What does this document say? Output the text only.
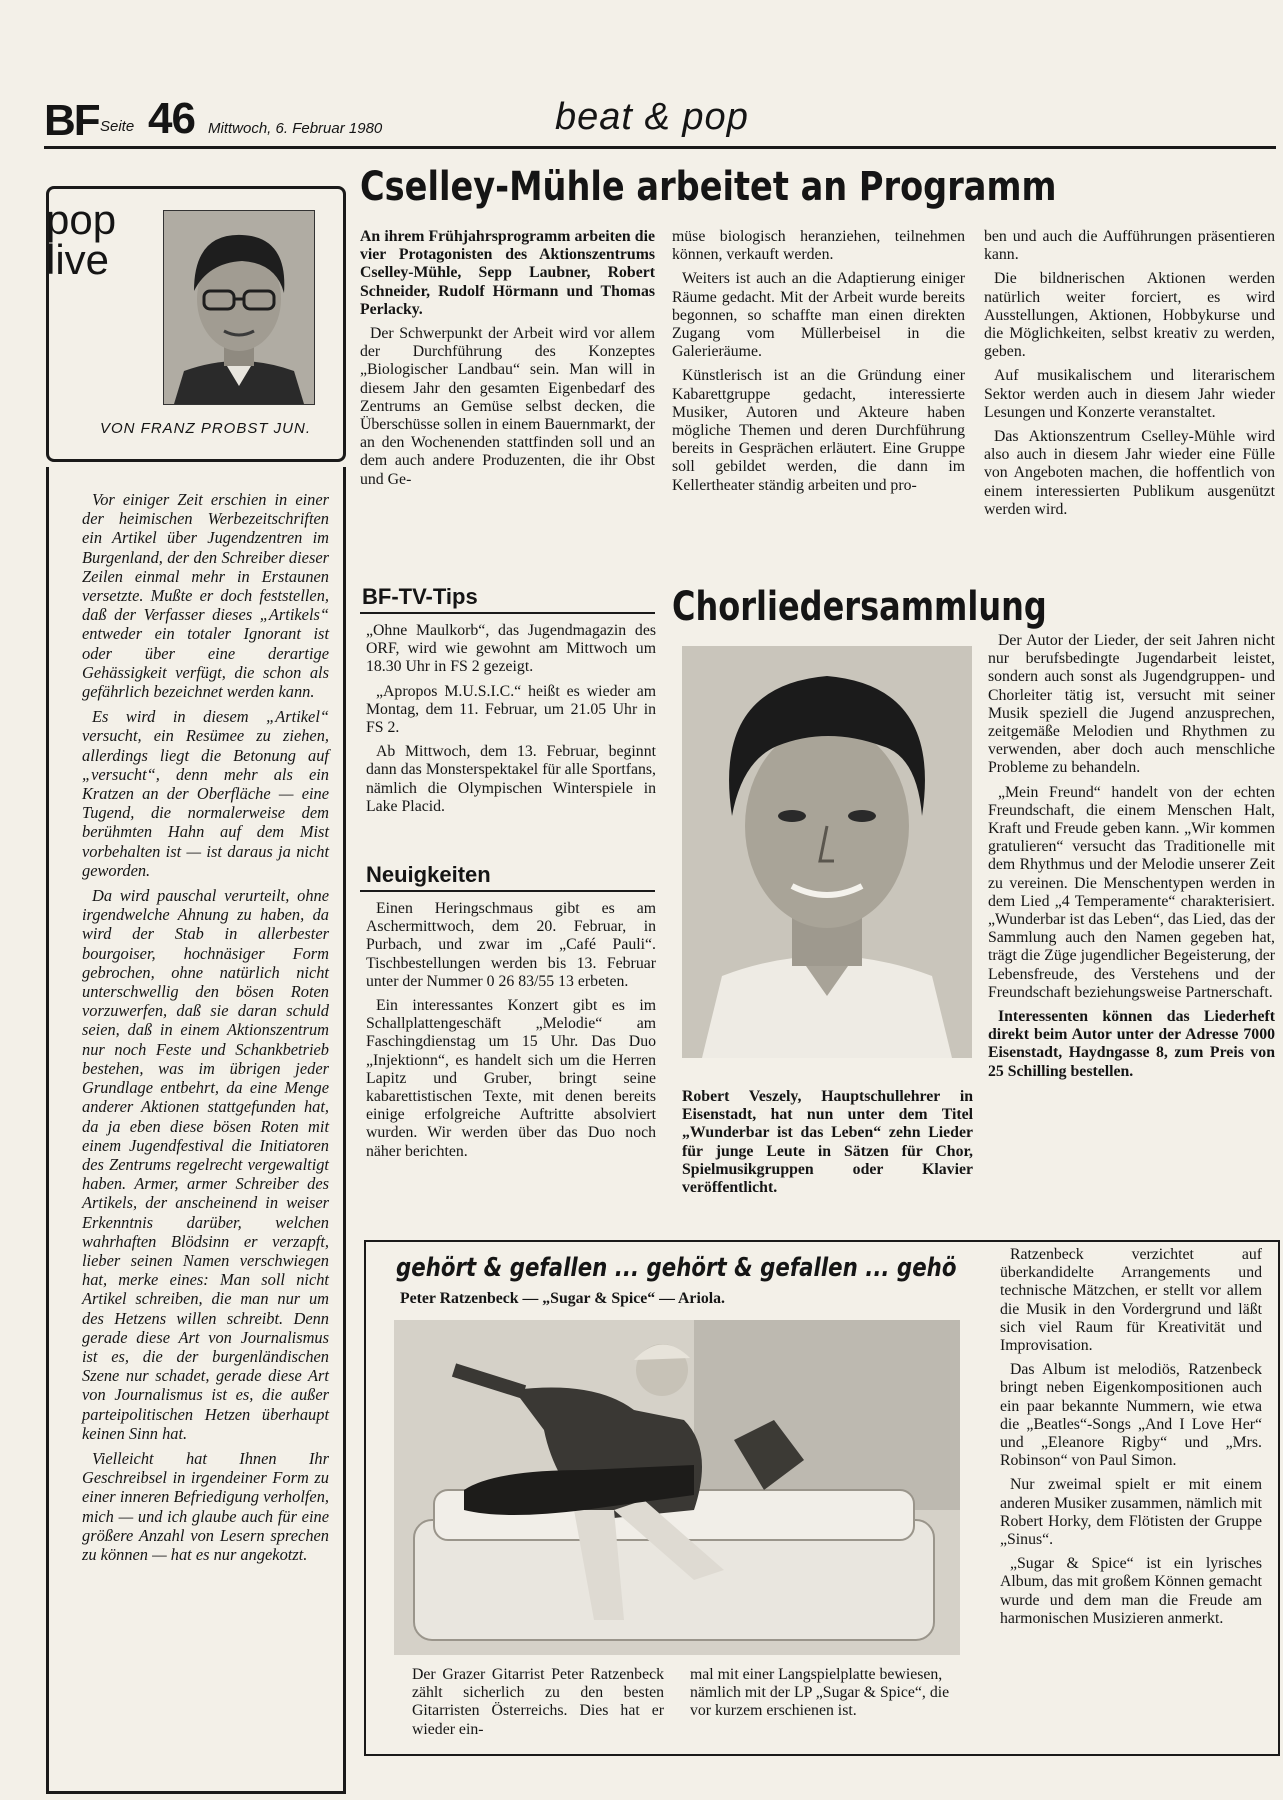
BF Seite 46 Mittwoch, 6. Februar 1980	beat & pop
pop
live
VON FRANZ PROBST JUN.

Vor einiger Zeit erschien in einer der heimischen Werbezeitschriften ein Artikel über Jugendzentren im Burgenland, der den Schreiber dieser Zeilen einmal mehr in Erstaunen versetzte. Mußte er doch feststellen, daß der Verfasser dieses „Artikels“ entweder ein totaler Ignorant ist oder über eine derartige Gehässigkeit verfügt, die schon als gefährlich bezeichnet werden kann.

Es wird in diesem „Artikel“ versucht, ein Resümee zu ziehen, allerdings liegt die Betonung auf „versucht“, denn mehr als ein Kratzen an der Oberfläche — eine Tugend, die normalerweise dem berühmten Hahn auf dem Mist vorbehalten ist — ist daraus ja nicht geworden.

Da wird pauschal verurteilt, ohne irgendwelche Ahnung zu haben, da wird der Stab in allerbester bourgoiser, hochnäsiger Form gebrochen, ohne natürlich nicht unterschwellig den bösen Roten vorzuwerfen, daß sie daran schuld seien, daß in einem Aktionszentrum nur noch Feste und Schankbetrieb bestehen, was im übrigen jeder Grundlage entbehrt, da eine Menge anderer Aktionen stattgefunden hat, da ja eben diese bösen Roten mit einem Jugendfestival die Initiatoren des Zentrums regelrecht vergewaltigt haben. Armer, armer Schreiber des Artikels, der anscheinend in weiser Erkenntnis darüber, welchen wahrhaften Blödsinn er verzapft, lieber seinen Namen verschwiegen hat, merke eines: Man soll nicht Artikel schreiben, die man nur um des Hetzens willen schreibt. Denn gerade diese Art von Journalismus ist es, die der burgenländischen Szene nur schadet, gerade diese Art von Journalismus ist es, die außer parteipolitischen Hetzen überhaupt keinen Sinn hat.

Vielleicht hat Ihnen Ihr Geschreibsel in irgendeiner Form zu einer inneren Befriedigung verholfen, mich — und ich glaube auch für eine größere Anzahl von Lesern sprechen zu können — hat es nur angekotzt.

Cselley-Mühle arbeitet an Programm

An ihrem Frühjahrsprogramm arbeiten die vier Protagonisten des Aktionszentrums Cselley-Mühle, Sepp Laubner, Robert Schneider, Rudolf Hörmann und Thomas Perlacky.

Der Schwerpunkt der Arbeit wird vor allem der Durchführung des Konzeptes „Biologischer Landbau“ sein. Man will in diesem Jahr den gesamten Eigenbedarf des Zentrums an Gemüse selbst decken, die Überschüsse sollen in einem Bauernmarkt, der an den Wochenenden stattfinden soll und an dem auch andere Produzenten, die ihr Obst und Ge-

müse biologisch heranziehen, teilnehmen können, verkauft werden.

Weiters ist auch an die Adaptierung einiger Räume gedacht. Mit der Arbeit wurde bereits begonnen, so schaffte man einen direkten Zugang vom Müllerbeisel in die Galerieräume.

Künstlerisch ist an die Gründung einer Kabarettgruppe gedacht, interessierte Musiker, Autoren und Akteure haben mögliche Themen und deren Durchführung bereits in Gesprächen erläutert. Eine Gruppe soll gebildet werden, die dann im Kellertheater ständig arbeiten und pro-

ben und auch die Aufführungen präsentieren kann.

Die bildnerischen Aktionen werden natürlich weiter forciert, es wird Ausstellungen, Aktionen, Hobbykurse und die Möglichkeiten, selbst kreativ zu werden, geben.

Auf musikalischem und literarischem Sektor werden auch in diesem Jahr wieder Lesungen und Konzerte veranstaltet.

Das Aktionszentrum Cselley-Mühle wird also auch in diesem Jahr wieder eine Fülle von Angeboten machen, die hoffentlich von einem interessierten Publikum ausgenützt werden wird.

BF-TV-Tips

„Ohne Maulkorb“, das Jugendmagazin des ORF, wird wie gewohnt am Mittwoch um 18.30 Uhr in FS 2 gezeigt.

„Apropos M.U.S.I.C.“ heißt es wieder am Montag, dem 11. Februar, um 21.05 Uhr in FS 2.

Ab Mittwoch, dem 13. Februar, beginnt dann das Monsterspektakel für alle Sportfans, nämlich die Olympischen Winterspiele in Lake Placid.

Neuigkeiten

Einen Heringschmaus gibt es am Aschermittwoch, dem 20. Februar, in Purbach, und zwar im „Café Pauli“. Tischbestellungen werden bis 13. Februar unter der Nummer 0 26 83/55 13 erbeten.

Ein interessantes Konzert gibt es im Schallplattengeschäft „Melodie“ am Faschingdienstag um 15 Uhr. Das Duo „Injektionn“, es handelt sich um die Herren Lapitz und Gruber, bringt seine kabarettistischen Texte, mit denen bereits einige erfolgreiche Auftritte absolviert wurden. Wir werden über das Duo noch näher berichten.

Chorliedersammlung
Robert Veszely, Hauptschullehrer in Eisenstadt, hat nun unter dem Titel „Wunderbar ist das Leben“ zehn Lieder für junge Leute in Sätzen für Chor, Spielmusikgruppen oder Klavier veröffentlicht.

Der Autor der Lieder, der seit Jahren nicht nur berufsbedingte Jugendarbeit leistet, sondern auch sonst als Jugendgruppen- und Chorleiter tätig ist, versucht mit seiner Musik speziell die Jugend anzusprechen, zeitgemäße Melodien und Rhythmen zu verwenden, aber doch auch menschliche Probleme zu behandeln.

„Mein Freund“ handelt von der echten Freundschaft, die einem Menschen Halt, Kraft und Freude geben kann. „Wir kommen gratulieren“ versucht das Traditionelle mit dem Rhythmus und der Melodie unserer Zeit zu vereinen. Die Menschentypen werden in dem Lied „4 Temperamente“ charakterisiert. „Wunderbar ist das Leben“, das Lied, das der Sammlung auch den Namen gegeben hat, trägt die Züge jugendlicher Begeisterung, der Lebensfreude, des Verstehens und der Freundschaft beziehungsweise Partnerschaft.

Interessenten können das Liederheft direkt beim Autor unter der Adresse 7000 Eisenstadt, Haydngasse 8, zum Preis von 25 Schilling bestellen.

gehört & gefallen ... gehört & gefallen ... gehö
Peter Ratzenbeck — „Sugar & Spice“ — Ariola.

Der Grazer Gitarrist Peter Ratzenbeck zählt sicherlich zu den besten Gitarristen Österreichs. Dies hat er wieder ein-

mal mit einer Langspielplatte bewiesen, nämlich mit der LP „Sugar & Spice“, die vor kurzem erschienen ist.

Ratzenbeck verzichtet auf überkandidelte Arrangements und technische Mätzchen, er stellt vor allem die Musik in den Vordergrund und läßt sich viel Raum für Kreativität und Improvisation.

Das Album ist melodiös, Ratzenbeck bringt neben Eigenkompositionen auch ein paar bekannte Nummern, wie etwa die „Beatles“-Songs „And I Love Her“ und „Eleanore Rigby“ und „Mrs. Robinson“ von Paul Simon.

Nur zweimal spielt er mit einem anderen Musiker zusammen, nämlich mit Robert Horky, dem Flötisten der Gruppe „Sinus“.

„Sugar & Spice“ ist ein lyrisches Album, das mit großem Können gemacht wurde und dem man die Freude am harmonischen Musizieren anmerkt.
